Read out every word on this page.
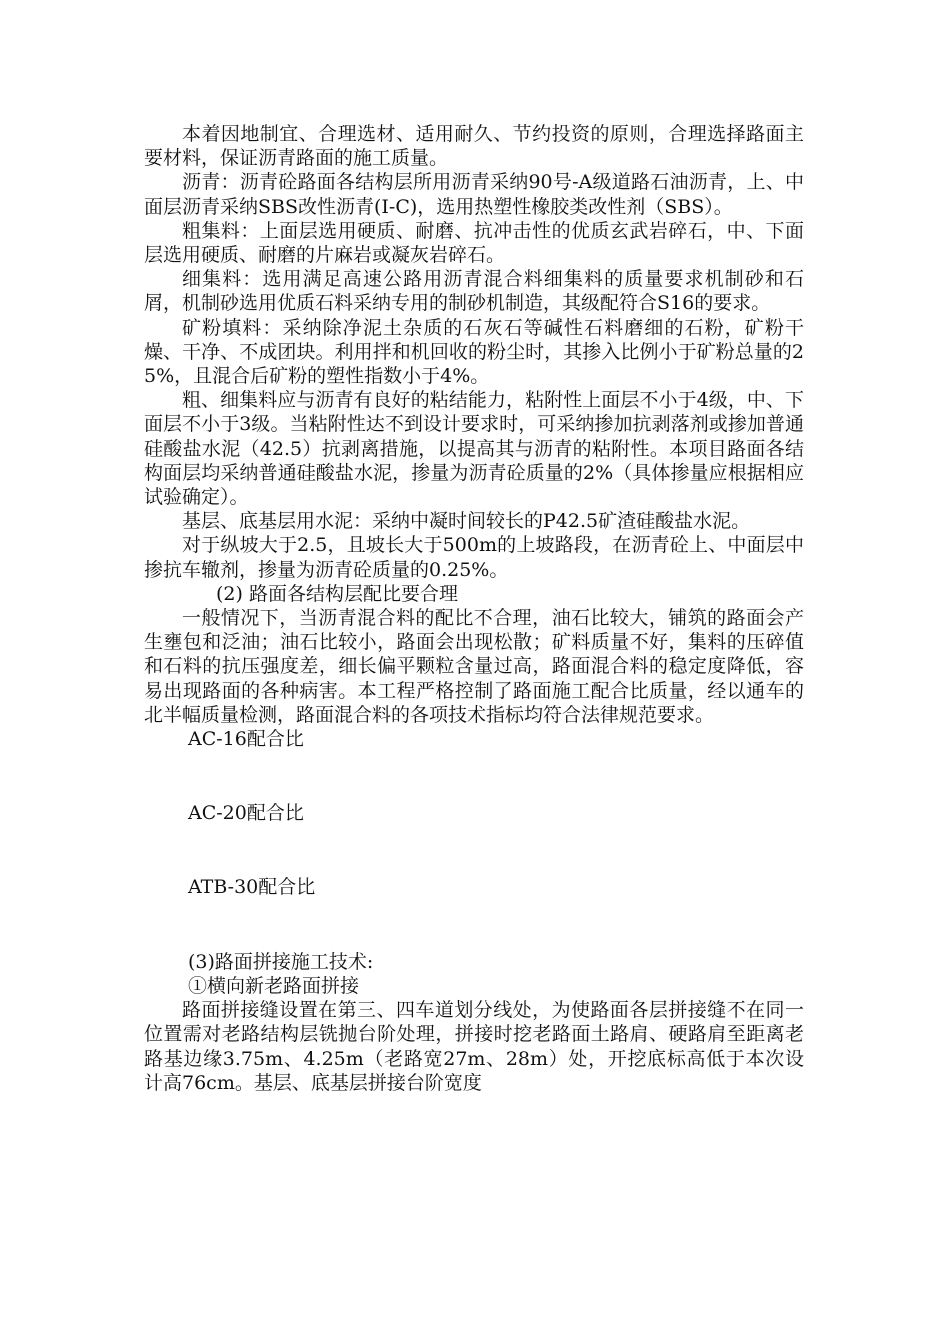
本着因地制宜、合理选材、适用耐久、节约投资的原则，合理选择路面主要材料，保证沥青路面的施工质量。

沥青：沥青砼路面各结构层所用沥青采纳90号-A级道路石油沥青，上、中面层沥青采纳SBS改性沥青(I-C)，选用热塑性橡胶类改性剂（SBS）。

粗集料：上面层选用硬质、耐磨、抗冲击性的优质玄武岩碎石，中、下面层选用硬质、耐磨的片麻岩或凝灰岩碎石。

细集料：选用满足高速公路用沥青混合料细集料的质量要求机制砂和石屑，机制砂选用优质石料采纳专用的制砂机制造，其级配符合S16的要求。

矿粉填料：采纳除净泥土杂质的石灰石等碱性石料磨细的石粉，矿粉干燥、干净、不成团块。利用拌和机回收的粉尘时，其掺入比例小于矿粉总量的25%，且混合后矿粉的塑性指数小于4%。

粗、细集料应与沥青有良好的粘结能力，粘附性上面层不小于4级，中、下面层不小于3级。当粘附性达不到设计要求时，可采纳掺加抗剥落剂或掺加普通硅酸盐水泥（42.5）抗剥离措施，以提高其与沥青的粘附性。本项目路面各结构面层均采纳普通硅酸盐水泥，掺量为沥青砼质量的2%（具体掺量应根据相应试验确定）。

基层、底基层用水泥：采纳中凝时间较长的P42.5矿渣硅酸盐水泥。

对于纵坡大于2.5，且坡长大于500m的上坡路段，在沥青砼上、中面层中掺抗车辙剂，掺量为沥青砼质量的0.25%。

(2) 路面各结构层配比要合理

一般情况下，当沥青混合料的配比不合理，油石比较大，铺筑的路面会产生壅包和泛油；油石比较小，路面会出现松散；矿料质量不好，集料的压碎值和石料的抗压强度差，细长偏平颗粒含量过高，路面混合料的稳定度降低，容易出现路面的各种病害。本工程严格控制了路面施工配合比质量，经以通车的北半幅质量检测，路面混合料的各项技术指标均符合法律规范要求。

AC-16配合比

AC-20配合比

ATB-30配合比

(3)路面拼接施工技术:

①横向新老路面拼接

路面拼接缝设置在第三、四车道划分线处，为使路面各层拼接缝不在同一位置需对老路结构层铣抛台阶处理，拼接时挖老路面土路肩、硬路肩至距离老路基边缘3.75m、4.25m（老路宽27m、28m）处，开挖底标高低于本次设计高76cm。基层、底基层拼接台阶宽度
